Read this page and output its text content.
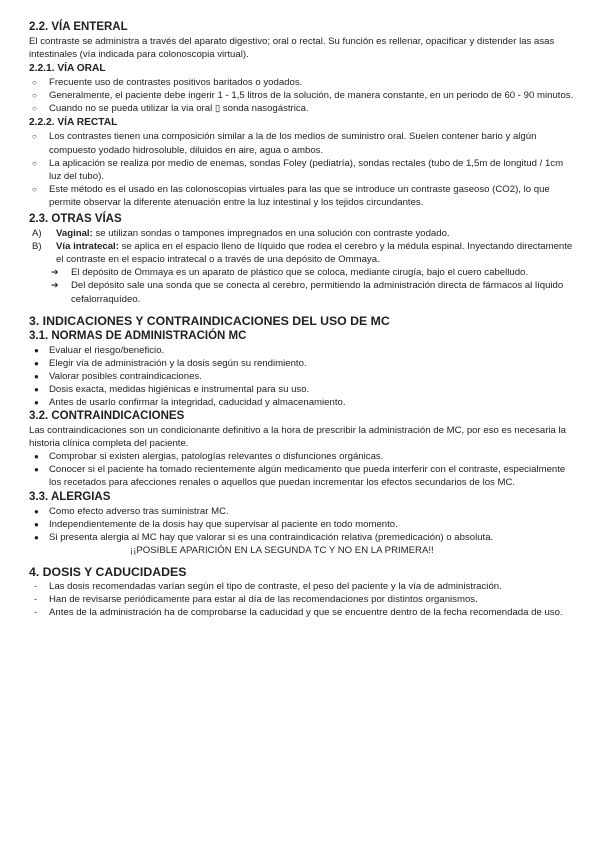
2.2. VÍA ENTERAL

El contraste se administra a través del aparato digestivo; oral o rectal. Su función es rellenar, opacificar y distender las asas intestinales (vía indicada para colonoscopia virtual).

2.2.1. VÍA ORAL
○ Frecuente uso de contrastes positivos baritados o yodados.
○ Generalmente, el paciente debe ingerir 1 - 1,5 litros de la solución, de manera constante, en un periodo de 60 - 90 minutos.
○ Cuando no se pueda utilizar la via oral ▯ sonda nasogástrica.
2.2.2. VÍA RECTAL
○ Los contrastes tienen una composición similar a la de los medios de suministro oral. Suelen contener bario y algún compuesto yodado hidrosoluble, diluidos en aire, agua o ambos.
○ La aplicación se realiza por medio de enemas, sondas Foley (pediatría), sondas rectales (tubo de 1,5m de longitud / 1cm luz del tubo).
○ Este método es el usado en las colonoscopias virtuales para las que se introduce un contraste gaseoso (CO2), lo que permite observar la diferente atenuación entre la luz intestinal y los tejidos circundantes.
2.3. OTRAS VÍAS
A) Vaginal: se utilizan sondas o tampones impregnados en una solución con contraste yodado.
B) Vía intratecal: se aplica en el espacio lleno de líquido que rodea el cerebro y la médula espinal. Inyectando directamente el contraste en el espacio intratecal o a través de una depósito de Ommaya.
➔ El depósito de Ommaya es un aparato de plástico que se coloca, mediante cirugía, bajo el cuero cabelludo.
➔ Del depósito sale una sonda que se conecta al cerebro, permitiendo la administración directa de fármacos al líquido cefalorraquídeo.
3. INDICACIONES Y CONTRAINDICACIONES DEL USO DE MC
3.1. NORMAS DE ADMINISTRACIÓN MC
● Evaluar el riesgo/beneficio.
● Elegir vía de administración y la dosis según su rendimiento.
● Valorar posibles contraindicaciones.
● Dosis exacta, medidas higiénicas e instrumental para su uso.
● Antes de usarlo confirmar la integridad, caducidad y almacenamiento.
3.2. CONTRAINDICACIONES

Las contraindicaciones son un condicionante definitivo a la hora de prescribir la administración de MC, por eso es necesaria la historia clínica completa del paciente.

● Comprobar si existen alergias, patologías relevantes o disfunciones orgánicas.
● Conocer si el paciente ha tomado recientemente algún medicamento que pueda interferir con el contraste, especialmente los recetados para afecciones renales o aquellos que puedan incrementar los efectos secundarios de los MC.
3.3. ALERGIAS
● Como efecto adverso tras suministrar MC.
● Independientemente de la dosis hay que supervisar al paciente en todo momento.
● Si presenta alergia al MC hay que valorar si es una contraindicación relativa (premedicación) o absoluta.
¡¡POSIBLE APARICIÓN EN LA SEGUNDA TC Y NO EN LA PRIMERA!!
4. DOSIS Y CADUCIDADES
- Las dosis recomendadas varían según el tipo de contraste, el peso del paciente y la vía de administración.
- Han de revisarse periódicamente para estar al día de las recomendaciones por distintos organismos.
- Antes de la administración ha de comprobarse la caducidad y que se encuentre dentro de la fecha recomendada de uso.
